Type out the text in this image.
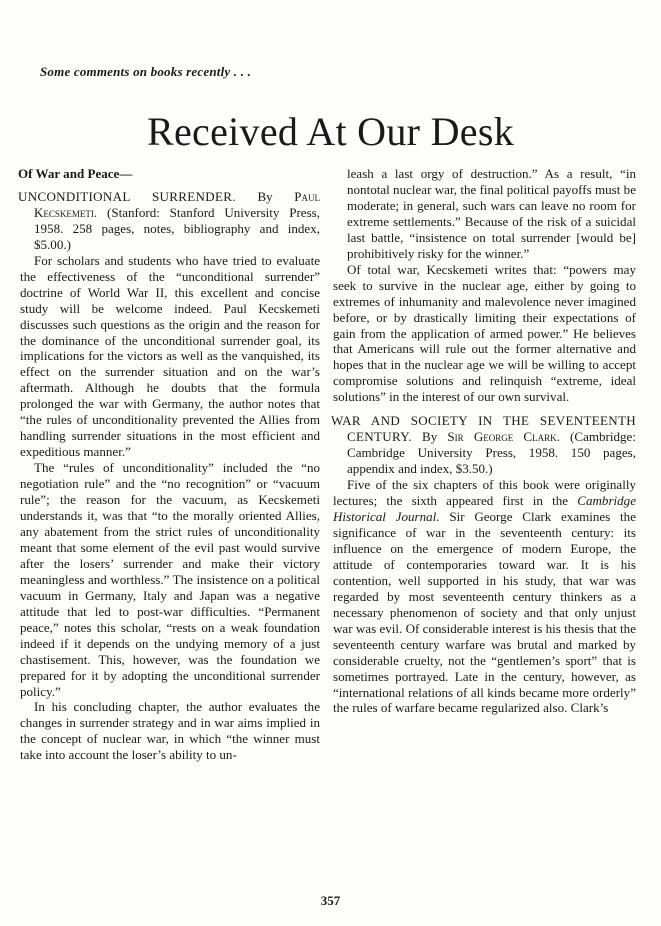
Some comments on books recently . . .
Received At Our Desk
Of War and Peace—

UNCONDITIONAL SURRENDER. By Paul Kecskemeti. (Stanford: Stanford University Press, 1958. 258 pages, notes, bibliography and index, $5.00.)

For scholars and students who have tried to evaluate the effectiveness of the “unconditional surrender” doctrine of World War II, this excellent and concise study will be welcome indeed. Paul Kecskemeti discusses such questions as the origin and the reason for the dominance of the unconditional surrender goal, its implications for the victors as well as the vanquished, its effect on the surrender situation and on the war’s aftermath. Although he doubts that the formula prolonged the war with Germany, the author notes that “the rules of unconditionality prevented the Allies from handling surrender situations in the most efficient and expeditious manner.”

The “rules of unconditionality” included the “no negotiation rule” and the “no recognition” or “vacuum rule”; the reason for the vacuum, as Kecskemeti understands it, was that “to the morally oriented Allies, any abatement from the strict rules of unconditionality meant that some element of the evil past would survive after the losers’ surrender and make their victory meaningless and worthless.” The insistence on a political vacuum in Germany, Italy and Japan was a negative attitude that led to post-war difficulties. “Permanent peace,” notes this scholar, “rests on a weak foundation indeed if it depends on the undying memory of a just chastisement. This, however, was the foundation we prepared for it by adopting the unconditional surrender policy.”

In his concluding chapter, the author evaluates the changes in surrender strategy and in war aims implied in the concept of nuclear war, in which “the winner must take into account the loser’s ability to un-

leash a last orgy of destruction.” As a result, “in nontotal nuclear war, the final political payoffs must be moderate; in general, such wars can leave no room for extreme settlements.” Because of the risk of a suicidal last battle, “insistence on total surrender [would be] prohibitively risky for the winner.”

Of total war, Kecskemeti writes that: “powers may seek to survive in the nuclear age, either by going to extremes of inhumanity and malevolence never imagined before, or by drastically limiting their expectations of gain from the application of armed power.” He believes that Americans will rule out the former alternative and hopes that in the nuclear age we will be willing to accept compromise solutions and relinquish “extreme, ideal solutions” in the interest of our own survival.

WAR AND SOCIETY IN THE SEVENTEENTH CENTURY. By Sir George Clark. (Cambridge: Cambridge University Press, 1958. 150 pages, appendix and index, $3.50.)

Five of the six chapters of this book were originally lectures; the sixth appeared first in the Cambridge Historical Journal. Sir George Clark examines the significance of war in the seventeenth century: its influence on the emergence of modern Europe, the attitude of contemporaries toward war. It is his contention, well supported in his study, that war was regarded by most seventeenth century thinkers as a necessary phenomenon of society and that only unjust war was evil. Of considerable interest is his thesis that the seventeenth century warfare was brutal and marked by considerable cruelty, not the “gentlemen’s sport” that is sometimes portrayed. Late in the century, however, as “international relations of all kinds became more orderly” the rules of warfare became regularized also. Clark’s

357
